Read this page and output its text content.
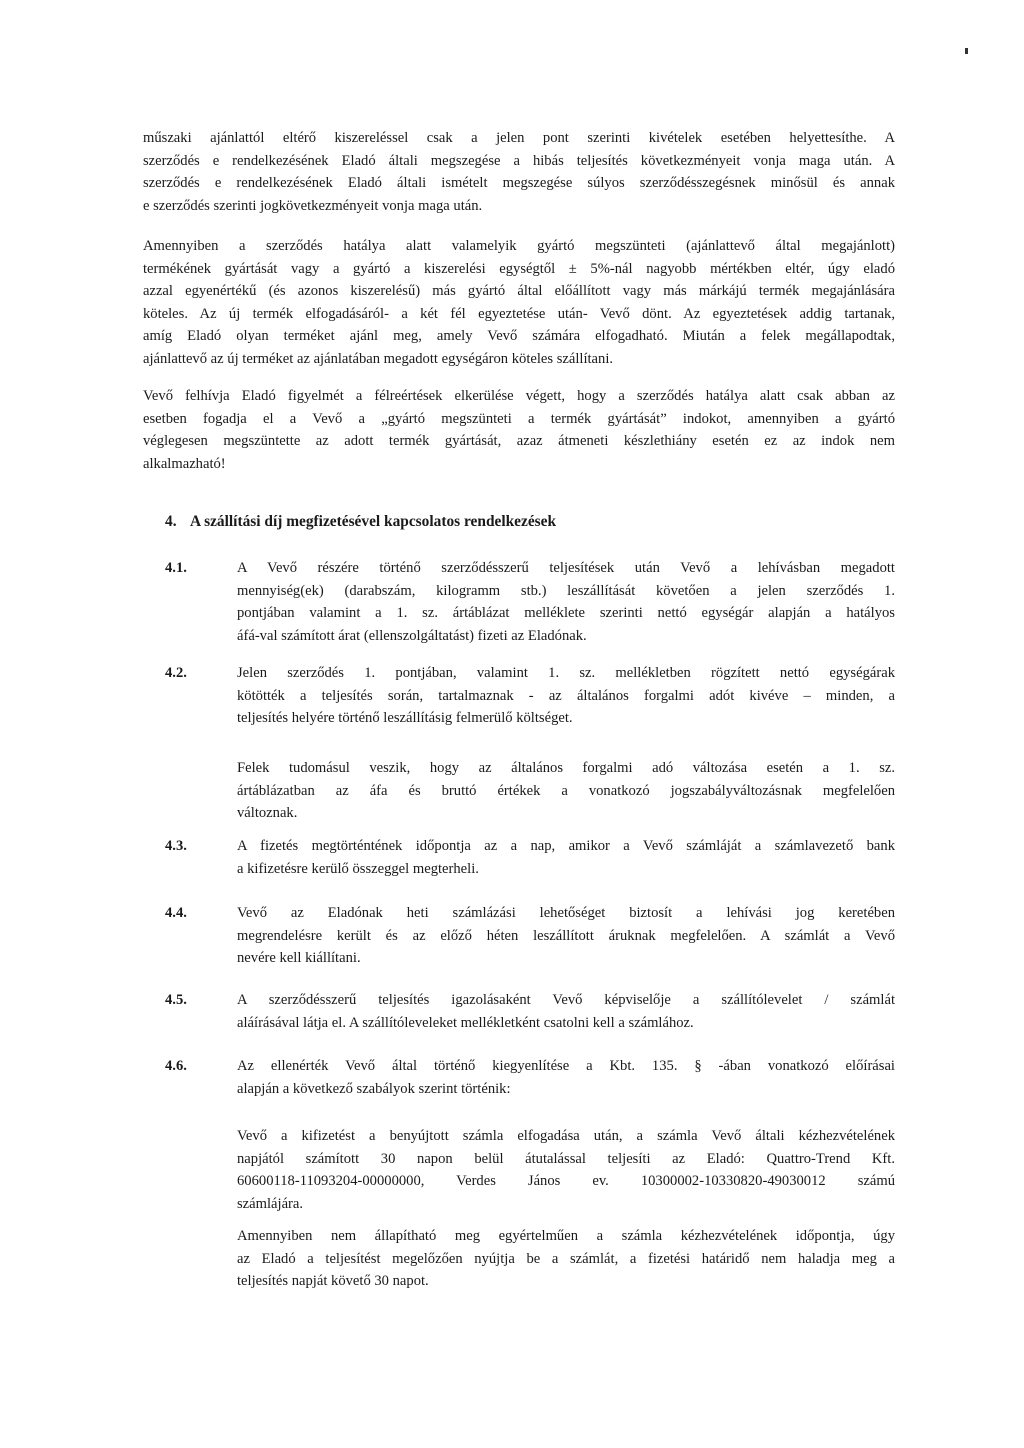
műszaki ajánlattól eltérő kiszereléssel csak a jelen pont szerinti kivételek esetében helyettesíthe. A
szerződés e rendelkezésének Eladó általi megszegése a hibás teljesítés következményeit vonja maga után. A
szerződés e rendelkezésének Eladó általi ismételt megszegése súlyos szerződésszegésnek minősül és annak
e szerződés szerinti jogkövetkezményeit vonja maga után.

Amennyiben a szerződés hatálya alatt valamelyik gyártó megszünteti (ajánlattevő által megajánlott)
termékének gyártását vagy a gyártó a kiszerelési egységtől ± 5%-nál nagyobb mértékben eltér, úgy eladó
azzal egyenértékű (és azonos kiszerelésű) más gyártó által előállított vagy más márkájú termék megajánlására
köteles. Az új termék elfogadásáról- a két fél egyeztetése után- Vevő dönt. Az egyeztetések addig tartanak,
amíg Eladó olyan terméket ajánl meg, amely Vevő számára elfogadható. Miután a felek megállapodtak,
ajánlattevő az új terméket az ajánlatában megadott egységáron köteles szállítani.

Vevő felhívja Eladó figyelmét a félreértések elkerülése végett, hogy a szerződés hatálya alatt csak abban az
esetben fogadja el a Vevő a „gyártó megszünteti a termék gyártását” indokot, amennyiben a gyártó
véglegesen megszüntette az adott termék gyártását, azaz átmeneti készlethiány esetén ez az indok nem
alkalmazható!

4. A szállítási díj megfizetésével kapcsolatos rendelkezések
4.1.	A Vevő részére történő szerződésszerű teljesítések után Vevő a lehívásban megadott
mennyiség(ek) (darabszám, kilogramm stb.) leszállítását követően a jelen szerződés 1.
pontjában valamint a 1. sz. ártáblázat melléklete szerinti nettó egységár alapján a hatályos
áfá-val számított árat (ellenszolgáltatást) fizeti az Eladónak.

4.2.	Jelen szerződés 1. pontjában, valamint 1. sz. mellékletben rögzített nettó egységárak
kötötték a teljesítés során, tartalmaznak - az általános forgalmi adót kivéve – minden, a
teljesítés helyére történő leszállításig felmerülő költséget.

Felek tudomásul veszik, hogy az általános forgalmi adó változása esetén a 1. sz.
ártáblázatban az áfa és bruttó értékek a vonatkozó jogszabályváltozásnak megfelelően
változnak.

4.3.	A fizetés megtörténtének időpontja az a nap, amikor a Vevő számláját a számlavezető bank
a kifizetésre kerülő összeggel megterheli.

4.4.	Vevő az Eladónak heti számlázási lehetőséget biztosít a lehívási jog keretében
megrendelésre került és az előző héten leszállított áruknak megfelelően. A számlát a Vevő
nevére kell kiállítani.

4.5.	A szerződésszerű teljesítés igazolásaként Vevő képviselője a szállítólevelet / számlát
aláírásával látja el. A szállítóleveleket mellékletként csatolni kell a számlához.

4.6.	Az ellenérték Vevő által történő kiegyenlítése a Kbt. 135. § -ában vonatkozó előírásai
alapján a következő szabályok szerint történik:

Vevő a kifizetést a benyújtott számla elfogadása után, a számla Vevő általi kézhezvételének
napjától számított 30 napon belül átutalással teljesíti az Eladó: Quattro-Trend Kft.
60600118-11093204-00000000, Verdes János ev. 10300002-10330820-49030012 számú
számlájára.

Amennyiben nem állapítható meg egyértelműen a számla kézhezvételének időpontja, úgy
az Eladó a teljesítést megelőzően nyújtja be a számlát, a fizetési határidő nem haladja meg a
teljesítés napját követő 30 napot.
